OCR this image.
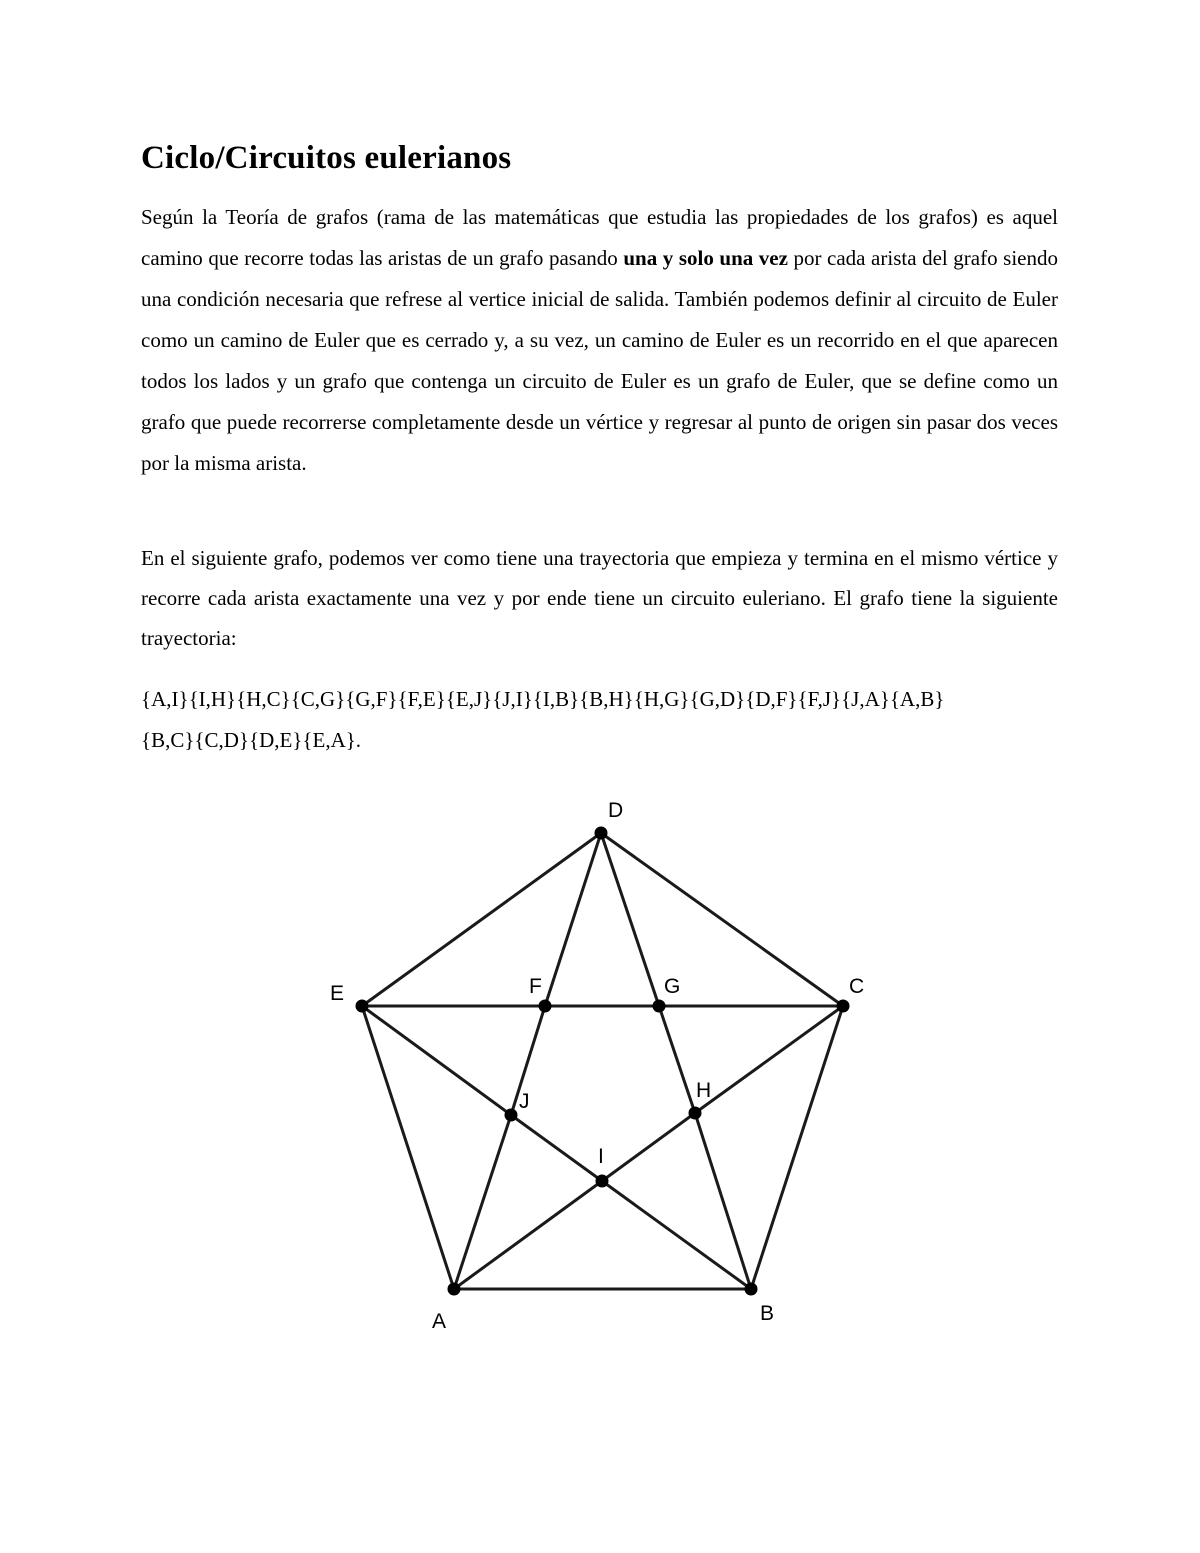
Ciclo/Circuitos eulerianos

Según la Teoría de grafos (rama de las matemáticas que estudia las propiedades de los grafos) es aquel camino que recorre todas las aristas de un grafo pasando una y solo una vez por cada arista del grafo siendo una condición necesaria que refrese al vertice inicial de salida. También podemos definir al circuito de Euler como un camino de Euler que es cerrado y, a su vez, un camino de Euler es un recorrido en el que aparecen todos los lados y un grafo que contenga un circuito de Euler es un grafo de Euler, que se define como un grafo que puede recorrerse completamente desde un vértice y regresar al punto de origen sin pasar dos veces por la misma arista.

En el siguiente grafo, podemos ver como tiene una trayectoria que empieza y termina en el mismo vértice y recorre cada arista exactamente una vez y por ende tiene un circuito euleriano. El grafo tiene la siguiente trayectoria:

{A,I}{I,H}{H,C}{C,G}{G,F}{F,E}{E,J}{J,I}{I,B}{B,H}{H,G}{G,D}{D,F}{F,J}{J,A}{A,B}
{B,C}{C,D}{D,E}{E,A}.

A	B
C
D
E	F	G
H
I
J
